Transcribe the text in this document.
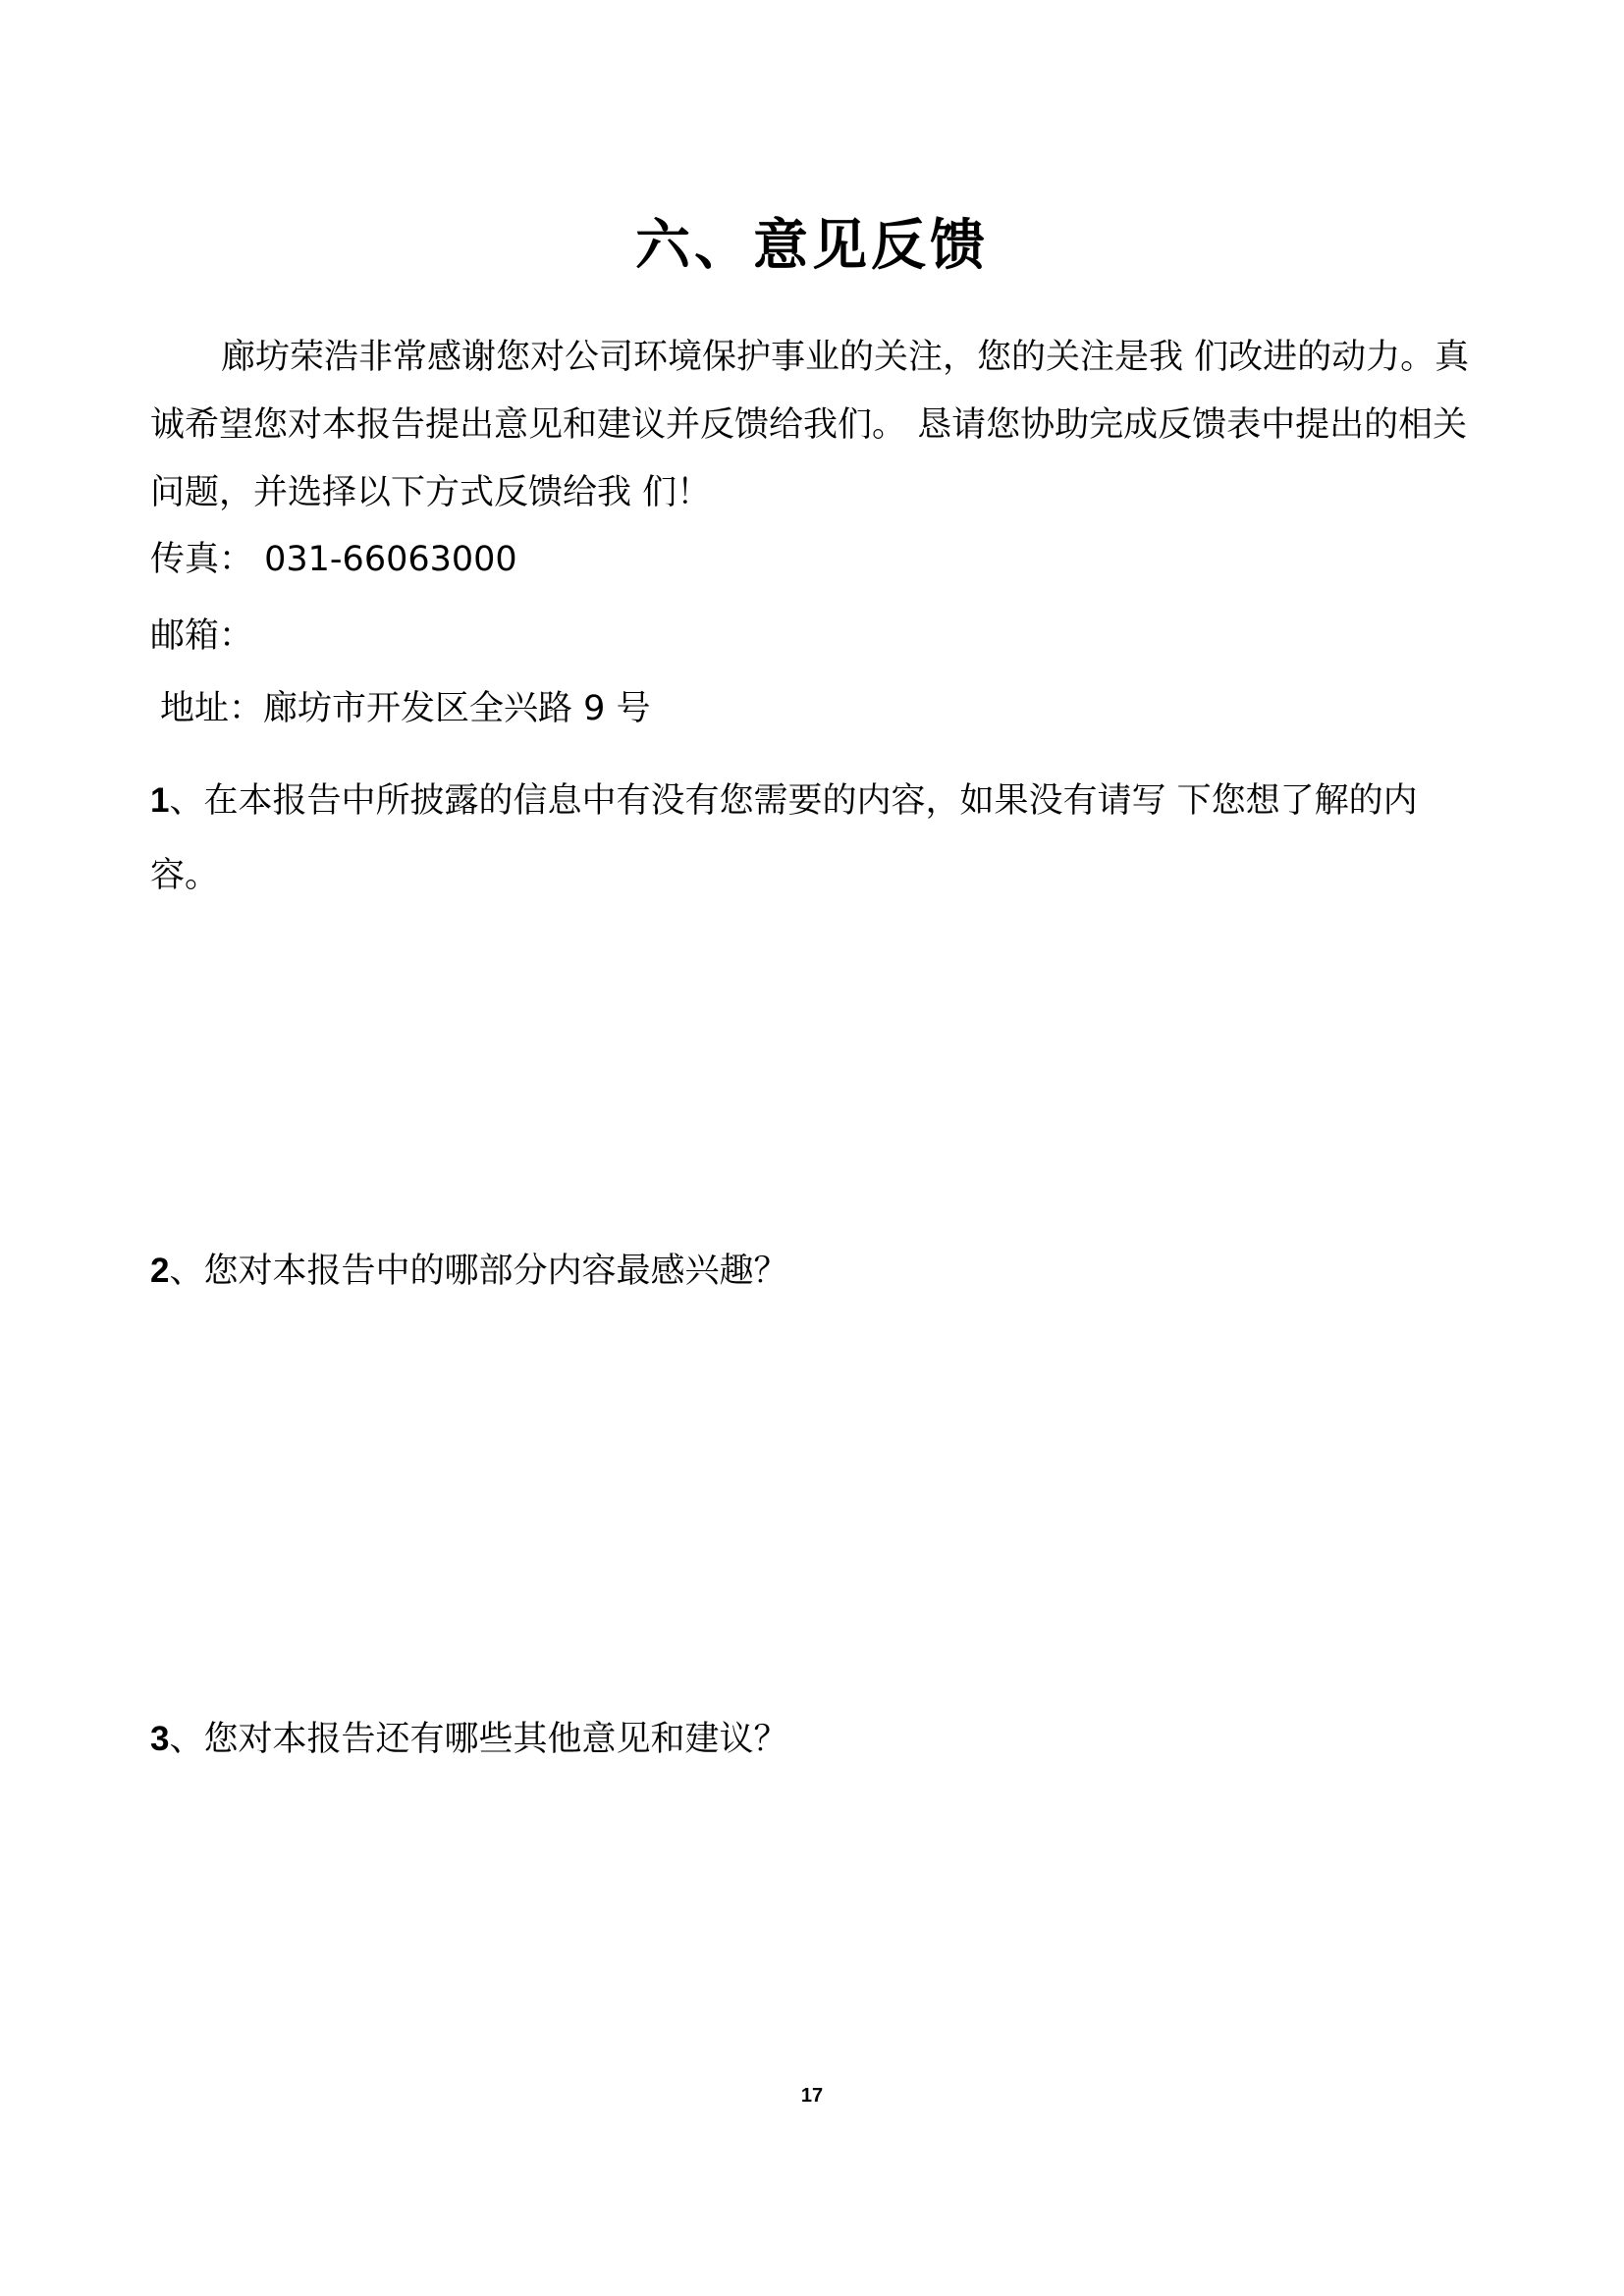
六、意见反馈

廊坊荣浩非常感谢您对公司环境保护事业的关注，您的关注是我 们改进的动力。真诚希望您对本报告提出意见和建议并反馈给我们。 恳请您协助完成反馈表中提出的相关问题，并选择以下方式反馈给我 们！

传真： 031-66063000

邮箱：

地址：廊坊市开发区全兴路 9 号

1、在本报告中所披露的信息中有没有您需要的内容，如果没有请写 下您想了解的内容。

2、您对本报告中的哪部分内容最感兴趣？

3、您对本报告还有哪些其他意见和建议？

17
